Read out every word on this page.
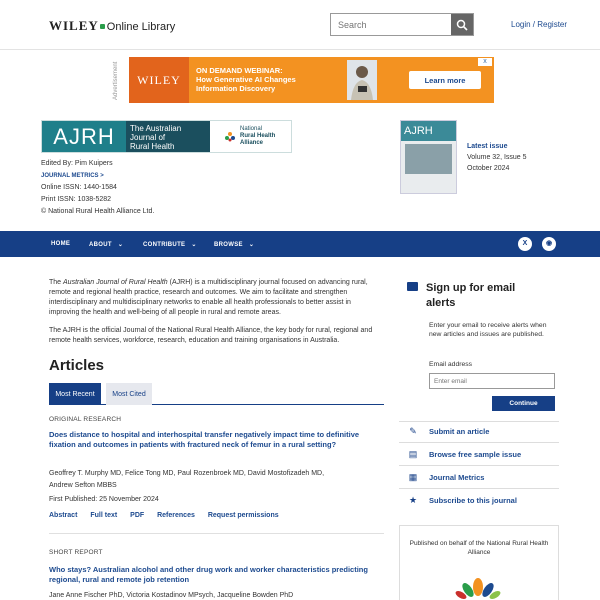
WILEY Online Library
Search	Login / Register
Advertisement	WILEY
ON DEMAND WEBINAR:
How Generative AI Changes
Information Discovery
Learn more
x
AJRH	The Australian
Journal of
Rural Health
National
Rural Health
Alliance
Edited By: Pim Kuipers
JOURNAL METRICS >
Online ISSN: 1440-1584
Print ISSN: 1038-5282
© National Rural Health Alliance Ltd.
AJRH
Latest issue
Volume 32, Issue 5
October 2024
HOME	ABOUT ⌄	CONTRIBUTE ⌄	BROWSE ⌄	X	◉
The Australian Journal of Rural Health (AJRH) is a multidisciplinary journal focused on advancing rural, remote and regional health practice, research and outcomes. We aim to facilitate and strengthen interdisciplinary and multidisciplinary networks to enable all health professionals to better assist in improving the health and well-being of all people in rural and remote areas.
The AJRH is the official Journal of the National Rural Health Alliance, the key body for rural, regional and remote health services, workforce, research, education and training organisations in Australia.
Articles
Most Recent	Most Cited
ORIGINAL RESEARCH
Does distance to hospital and interhospital transfer negatively impact time to definitive fixation and outcomes in patients with fractured neck of femur in a rural setting?
Geoffrey T. Murphy MD, Felice Tong MD, Paul Rozenbroek MD, David Mostofizadeh MD,
Andrew Sefton MBBS
First Published: 25 November 2024
Abstract Full text PDF References Request permissions
SHORT REPORT
Who stays? Australian alcohol and other drug work and worker characteristics predicting regional, rural and remote job retention
Jane Anne Fischer PhD, Victoria Kostadinov MPsych, Jacqueline Bowden PhD
Sign up for email alerts
Enter your email to receive alerts when new articles and issues are published.
Email address
Enter email
Continue
✎ Submit an article
▤ Browse free sample issue
▦ Journal Metrics
★ Subscribe to this journal
Published on behalf of the National Rural Health Alliance
